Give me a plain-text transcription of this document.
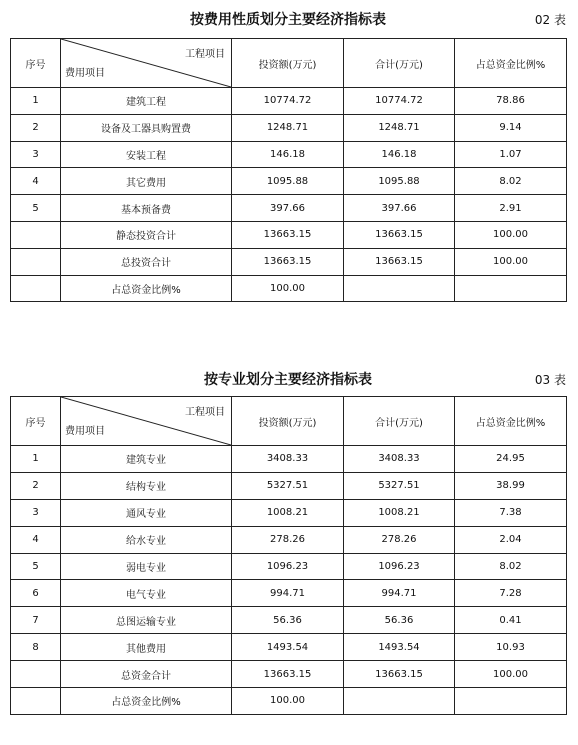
按费用性质划分主要经济指标表	02 表
序号	工程项目
费用项目	投资额(万元)	合计(万元)	占总资金比例%
1	建筑工程	10774.72	10774.72	78.86
2	设备及工器具购置费	1248.71	1248.71	9.14
3	安装工程	146.18	146.18	1.07
4	其它费用	1095.88	1095.88	8.02
5	基本预备费	397.66	397.66	2.91
	静态投资合计	13663.15	13663.15	100.00
	总投资合计	13663.15	13663.15	100.00
	占总资金比例%	100.00		
按专业划分主要经济指标表	03 表
序号	工程项目
费用项目	投资额(万元)	合计(万元)	占总资金比例%
1	建筑专业	3408.33	3408.33	24.95
2	结构专业	5327.51	5327.51	38.99
3	通风专业	1008.21	1008.21	7.38
4	给水专业	278.26	278.26	2.04
5	弱电专业	1096.23	1096.23	8.02
6	电气专业	994.71	994.71	7.28
7	总图运输专业	56.36	56.36	0.41
8	其他费用	1493.54	1493.54	10.93
	总资金合计	13663.15	13663.15	100.00
	占总资金比例%	100.00		
